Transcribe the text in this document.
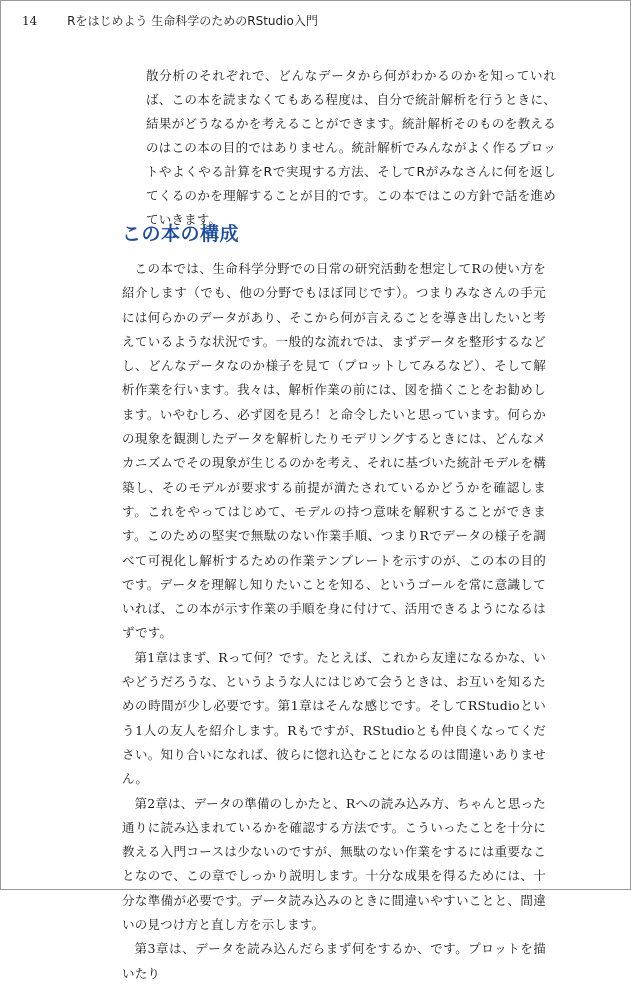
14 Rをはじめよう 生命科学のためのRStudio入門

散分析のそれぞれで、どんなデータから何がわかるのかを知っていれば、この本を読まなくてもある程度は、自分で統計解析を行うときに、結果がどうなるかを考えることができます。統計解析そのものを教えるのはこの本の目的ではありません。統計解析でみんながよく作るプロットやよくやる計算をRで実現する方法、そしてRがみなさんに何を返してくるのかを理解することが目的です。この本ではこの方針で話を進めていきます。

この本の構成

この本では、生命科学分野での日常の研究活動を想定してRの使い方を紹介します（でも、他の分野でもほぼ同じです）。つまりみなさんの手元には何らかのデータがあり、そこから何が言えることを導き出したいと考えているような状況です。一般的な流れでは、まずデータを整形するなどし、どんなデータなのか様子を見て（プロットしてみるなど）、そして解析作業を行います。我々は、解析作業の前には、図を描くことをお勧めします。いやむしろ、必ず図を見ろ！と命令したいと思っています。何らかの現象を観測したデータを解析したりモデリングするときには、どんなメカニズムでその現象が生じるのかを考え、それに基づいた統計モデルを構築し、そのモデルが要求する前提が満たされているかどうかを確認します。これをやってはじめて、モデルの持つ意味を解釈することができます。このための堅実で無駄のない作業手順、つまりRでデータの様子を調べて可視化し解析するための作業テンプレートを示すのが、この本の目的です。データを理解し知りたいことを知る、というゴールを常に意識していれば、この本が示す作業の手順を身に付けて、活用できるようになるはずです。

第1章はまず、Rって何？です。たとえば、これから友達になるかな、いやどうだろうな、というような人にはじめて会うときは、お互いを知るための時間が少し必要です。第1章はそんな感じです。そしてRStudioという1人の友人を紹介します。Rもですが、RStudioとも仲良くなってください。知り合いになれば、彼らに惚れ込むことになるのは間違いありません。

第2章は、データの準備のしかたと、Rへの読み込み方、ちゃんと思った通りに読み込まれているかを確認する方法です。こういったことを十分に教える入門コースは少ないのですが、無駄のない作業をするには重要なことなので、この章でしっかり説明します。十分な成果を得るためには、十分な準備が必要です。データ読み込みのときに間違いやすいことと、間違いの見つけ方と直し方を示します。

第3章は、データを読み込んだらまず何をするか、です。プロットを描いたり
